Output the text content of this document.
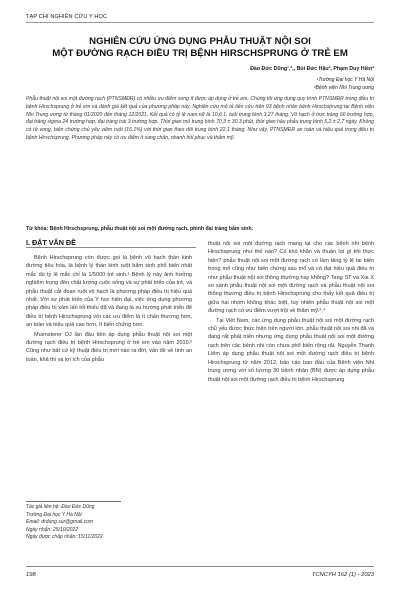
TẠP CHÍ NGHIÊN CỨU Y HỌC
NGHIÊN CỨU ỨNG DỤNG PHẪU THUẬT NỘI SOI
MỘT ĐƯỜNG RẠCH ĐIỀU TRỊ BỆNH HIRSCHSPRUNG Ở TRẺ EM
Đào Đức Dũng¹,²,, Bùi Đức Hậu², Phạm Duy Hiền²
¹Trường Đại học Y Hà Nội
²Bệnh viện Nhi Trung ương
Phẫu thuật nội soi một đường rạch (PTNSMĐR) có nhiều ưu điểm song ít được áp dụng ở trẻ em. Chúng tôi ứng dụng quy trình PTNSMĐR trong điều trị bệnh Hirschsprung ở trẻ em và đánh giá kết quả của phương pháp này. Nghiên cứu mô tả tiến cứu trên 93 bệnh nhân bệnh Hirschsprung tại Bệnh viện Nhi Trung ương từ tháng 01/2020 đến tháng 12/2021. Kết quả có tỷ lệ nam:nữ là 10,6:1, tuổi trung bình 3,27 tháng. Vô hạch ở trực tràng 66 trường hợp, đại tràng sigma 24 trường hợp, đại tràng trái 3 trường hợp. Thời gian mổ trung bình 70,3 ± 30,3 phút, thời gian hậu phẫu trung bình 5,2 ± 2,7 ngày. Không có tử vong, biến chứng chủ yếu viêm ruột (16,1%) với thời gian theo dõi trung bình 22,1 tháng. Như vậy, PTNSMĐR an toàn và hiệu quả trong điều trị bệnh Hirschsprung. Phương pháp này có ưu điểm ít sang chấn, nhanh hồi phục và thẩm mỹ.
Từ khóa: Bệnh Hirschsprung, phẫu thuật nội soi một đường rạch, phình đại tràng bẩm sinh.
I. ĐẶT VẤN ĐỀ

Bệnh Hirschsprung còn được gọi là bệnh vô hạch thần kinh đường tiêu hóa, là bệnh lý thần kinh ruột bẩm sinh phổ biến nhất mắc dù tỷ lệ mắc chỉ là 1/5000 trẻ sinh.¹ Bệnh lý này ảnh hưởng nghiêm trọng đến chất lượng cuộc sống và sự phát triển của trẻ, và phẫu thuật cắt đoạn ruột vô hạch là phương pháp điều trị hiệu quả nhất. Với sự phát triển của Y học hiện đại, việc ứng dụng phương pháp điều trị xâm lấn tối thiểu đã và đang là xu hướng phát triển để điều trị bệnh Hirschsprung với các ưu điểm là ít chấn thương hơn, an toàn và hiệu quả cao hơn, ít biến chứng hơn.

Muensterer OJ lần đầu tiên áp dụng phẫu thuật nội soi một đường rạch điều trị bệnh Hirschsprung ở trẻ em vào năm 2010.² Cũng như bất cứ kỹ thuật điều trị mới nào ra đời, vấn đề về tính an toàn, khả thi và lợi ích của phẫu

Tác giả liên hệ: Đào Đức Dũng
Trường Đại học Y Hà Nội
Email: drdung.sur@gmail.com
Ngày nhận: 25/10/2022
Ngày được chấp nhận: 15/11/2022

thuật nội soi một đường rạch mang lại cho các bệnh nhi bệnh Hirschsprung như thế nào? Có khó khăn và thuận lợi gì khi thực hiện? phẫu thuật nội soi một đường rạch có làm tăng tỷ lệ tai biến trong mổ cũng như biến chứng sau mổ và có đạt hiệu quả điều trị như phẫu thuật nội soi thông thường hay không? Tang ST và Xia X so sánh phẫu thuật nội soi một đường rạch và phẫu thuật nội soi thông thường điều trị bệnh Hirschsprung cho thấy kết quả điều trị giữa hai nhóm không khác biệt, tuy nhiên phẫu thuật nội soi một đường rạch có ưu điểm vượt trội về thẩm mỹ.³,⁴

Tại Việt Nam, các ứng dụng phẫu thuật nội soi một đường rạch chủ yếu được thực hiện trên người lớn. phẫu thuật nội soi nhi đã và đang rất phát triển nhưng ứng dụng phẫu thuật nội soi một đường rạch trên các bệnh nhi còn chưa phổ biến rộng rãi. Nguyễn Thanh Liêm áp dụng phẫu thuật nội soi một đường rạch điều trị bệnh Hirschsprung từ năm 2012, báo cáo ban đầu của Bệnh viện Nhi trung ương với số lượng 30 bệnh nhân (BN) được áp dụng phẫu thuật nội soi một đường rạch điều trị bệnh Hirschsprung

198	TCNCYH 162 (1) - 2023
